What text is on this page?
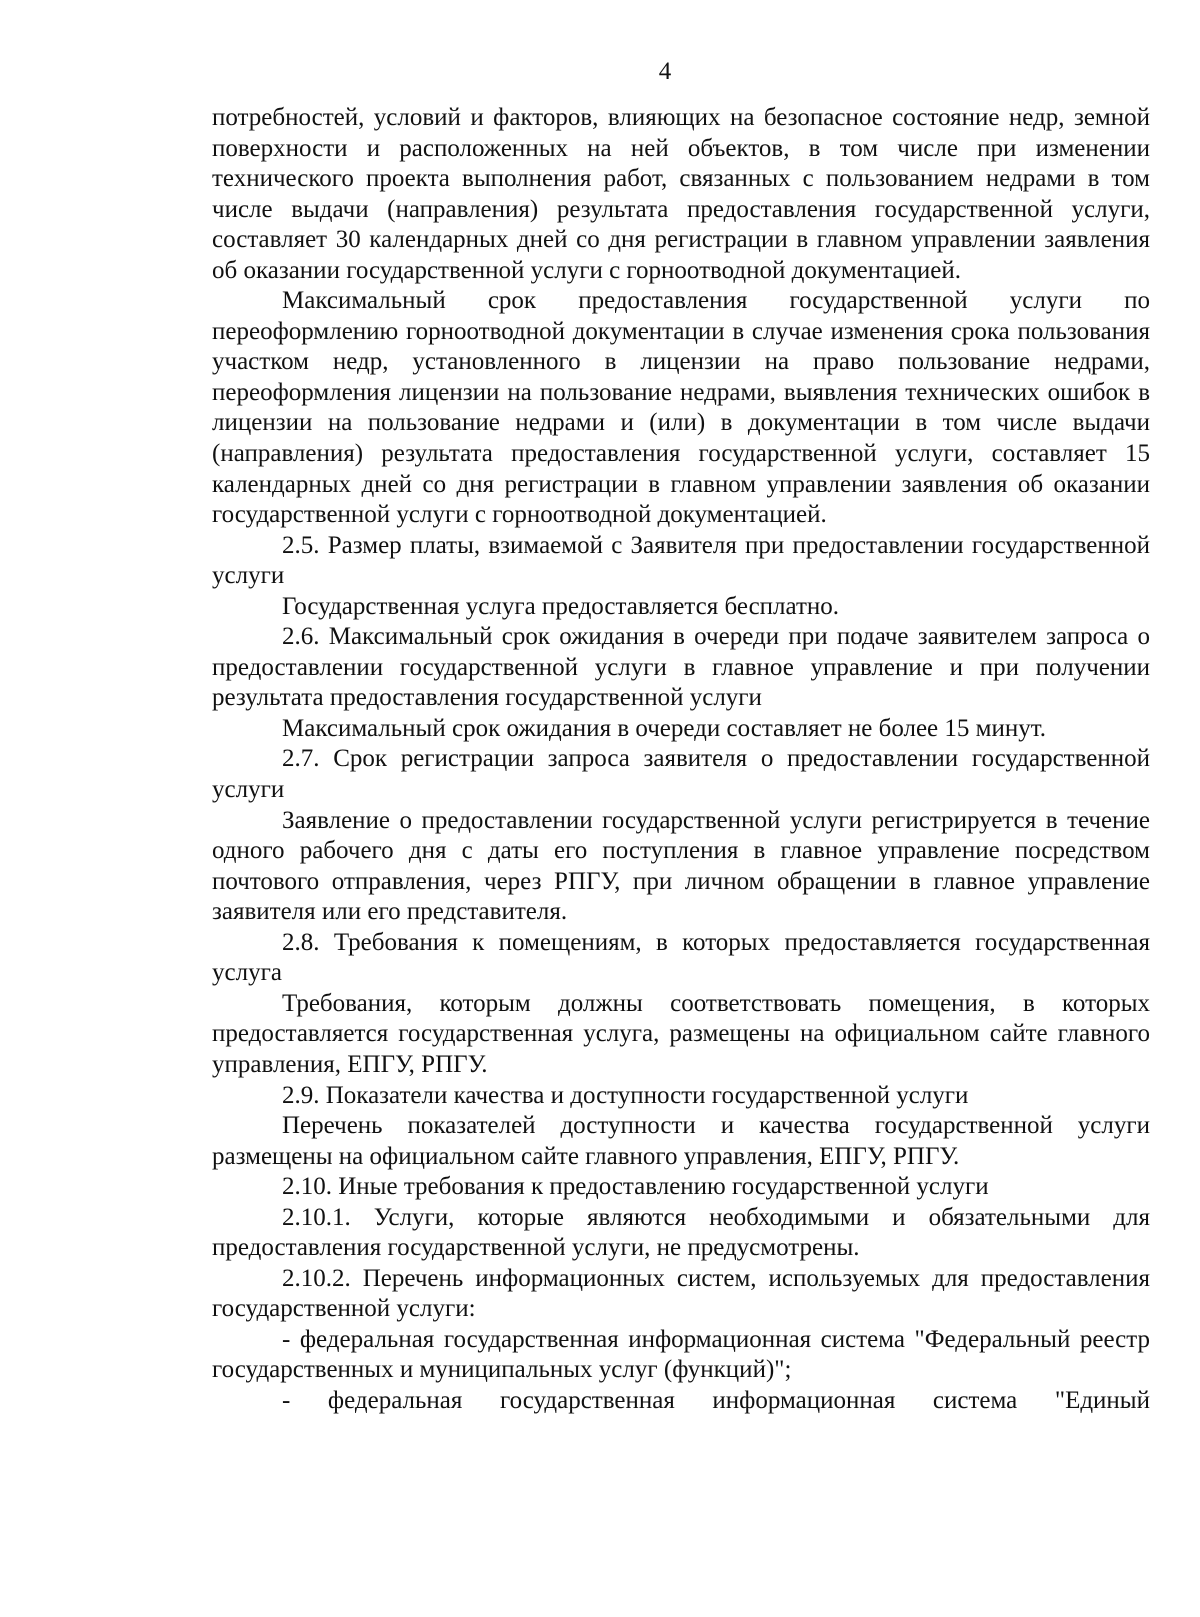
4

потребностей, условий и факторов, влияющих на безопасное состояние недр, земной поверхности и расположенных на ней объектов, в том числе при изменении технического проекта выполнения работ, связанных с пользованием недрами в том числе выдачи (направления) результата предоставления государственной услуги, составляет 30 календарных дней со дня регистрации в главном управлении заявления об оказании государственной услуги с горноотводной документацией.

Максимальный срок предоставления государственной услуги по переоформлению горноотводной документации в случае изменения срока пользования участком недр, установленного в лицензии на право пользование недрами, переоформления лицензии на пользование недрами, выявления технических ошибок в лицензии на пользование недрами и (или) в документации в том числе выдачи (направления) результата предоставления государственной услуги, составляет 15 календарных дней со дня регистрации в главном управлении заявления об оказании государственной услуги с горноотводной документацией.

2.5. Размер платы, взимаемой с Заявителя при предоставлении государственной услуги

Государственная услуга предоставляется бесплатно.

2.6. Максимальный срок ожидания в очереди при подаче заявителем запроса о предоставлении государственной услуги в главное управление и при получении результата предоставления государственной услуги

Максимальный срок ожидания в очереди составляет не более 15 минут.

2.7. Срок регистрации запроса заявителя о предоставлении государственной услуги

Заявление о предоставлении государственной услуги регистрируется в течение одного рабочего дня с даты его поступления в главное управление посредством почтового отправления, через РПГУ, при личном обращении в главное управление заявителя или его представителя.

2.8. Требования к помещениям, в которых предоставляется государственная услуга

Требования, которым должны соответствовать помещения, в которых предоставляется государственная услуга, размещены на официальном сайте главного управления, ЕПГУ, РПГУ.

2.9. Показатели качества и доступности государственной услуги

Перечень показателей доступности и качества государственной услуги размещены на официальном сайте главного управления, ЕПГУ, РПГУ.

2.10. Иные требования к предоставлению государственной услуги

2.10.1. Услуги, которые являются необходимыми и обязательными для предоставления государственной услуги, не предусмотрены.

2.10.2. Перечень информационных систем, используемых для предоставления государственной услуги:

- федеральная государственная информационная система "Федеральный реестр государственных и муниципальных услуг (функций)";

- федеральная государственная информационная система "Единый
